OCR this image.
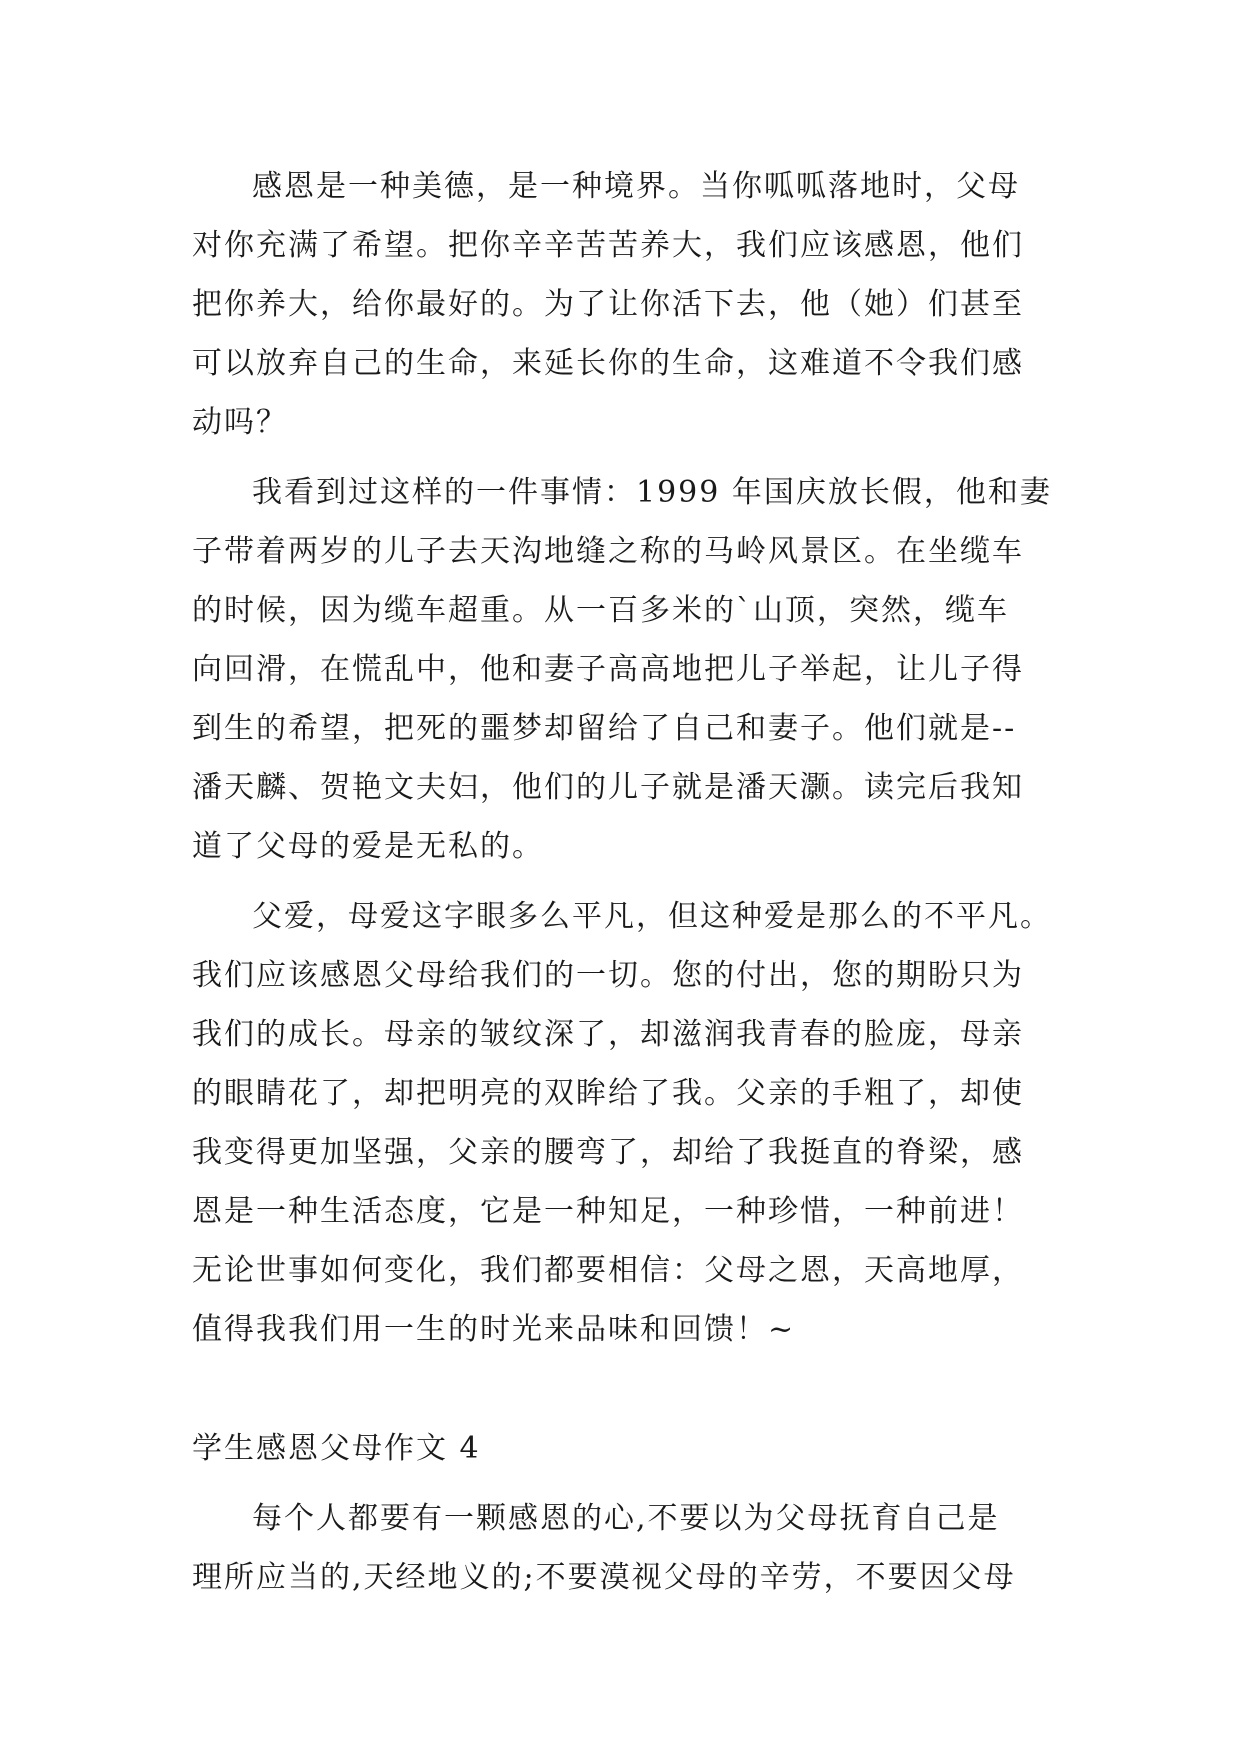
感恩是一种美德，是一种境界。当你呱呱落地时，父母
对你充满了希望。把你辛辛苦苦养大，我们应该感恩，他们
把你养大，给你最好的。为了让你活下去，他（她）们甚至
可以放弃自己的生命，来延长你的生命，这难道不令我们感
动吗？

我看到过这样的一件事情：1999 年国庆放长假，他和妻
子带着两岁的儿子去天沟地缝之称的马岭风景区。在坐缆车
的时候，因为缆车超重。从一百多米的`山顶，突然，缆车
向回滑，在慌乱中，他和妻子高高地把儿子举起，让儿子得
到生的希望，把死的噩梦却留给了自己和妻子。他们就是--
潘天麟、贺艳文夫妇，他们的儿子就是潘天灏。读完后我知
道了父母的爱是无私的。

父爱，母爱这字眼多么平凡，但这种爱是那么的不平凡。
我们应该感恩父母给我们的一切。您的付出，您的期盼只为
我们的成长。母亲的皱纹深了，却滋润我青春的脸庞，母亲
的眼睛花了，却把明亮的双眸给了我。父亲的手粗了，却使
我变得更加坚强，父亲的腰弯了，却给了我挺直的脊梁，感
恩是一种生活态度，它是一种知足，一种珍惜，一种前进！
无论世事如何变化，我们都要相信：父母之恩，天高地厚，
值得我我们用一生的时光来品味和回馈！~

学生感恩父母作文 4

每个人都要有一颗感恩的心,不要以为父母抚育自己是
理所应当的,天经地义的;不要漠视父母的辛劳，不要因父母
